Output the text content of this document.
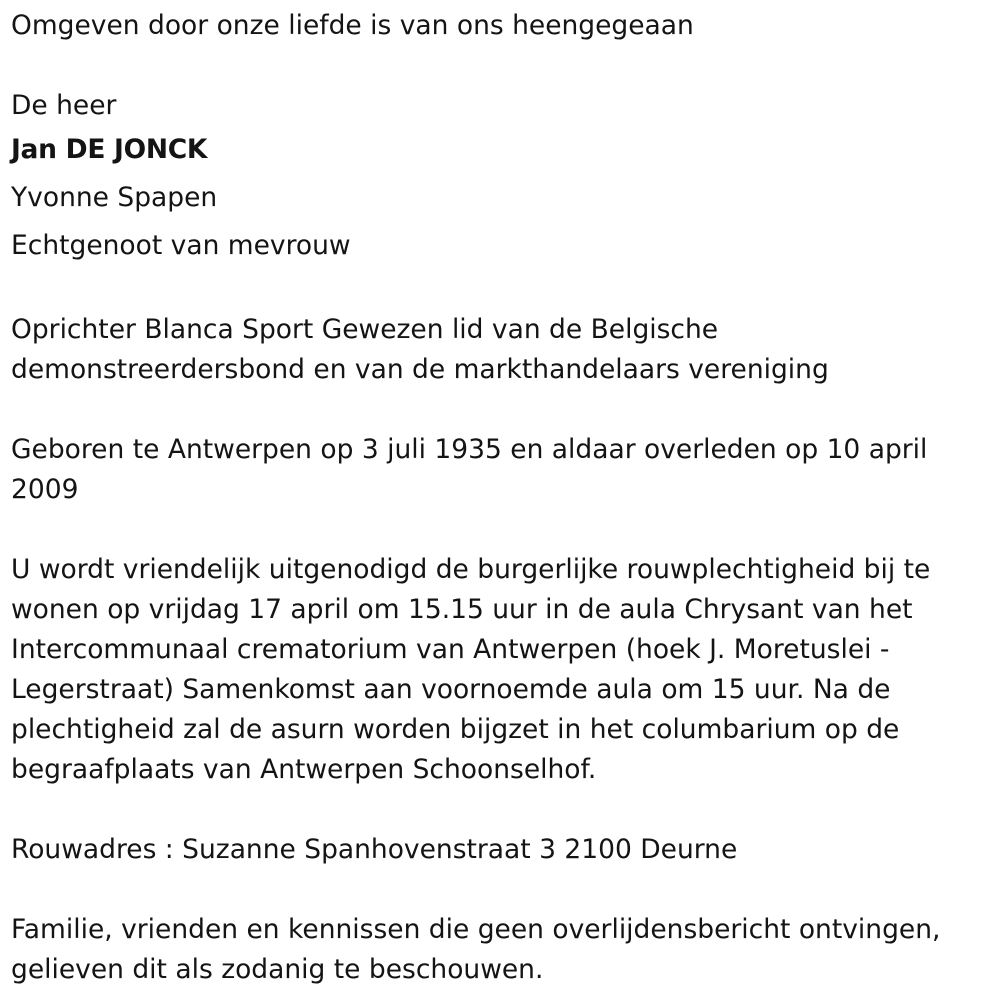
Omgeven door onze liefde is van ons heengegeaan

De heer

Jan DE JONCK

Yvonne Spapen

Echtgenoot van mevrouw

Oprichter Blanca Sport Gewezen lid van de Belgische demonstreerdersbond en van de markthandelaars vereniging

Geboren te Antwerpen op 3 juli 1935 en aldaar overleden op 10 april 2009

U wordt vriendelijk uitgenodigd de burgerlijke rouwplechtigheid bij te wonen op vrijdag 17 april om 15.15 uur in de aula Chrysant van het Intercommunaal crematorium van Antwerpen (hoek J. Moretuslei - Legerstraat) Samenkomst aan voornoemde aula om 15 uur. Na de plechtigheid zal de asurn worden bijgzet in het columbarium op de begraafplaats van Antwerpen Schoonselhof.

Rouwadres : Suzanne Spanhovenstraat 3 2100 Deurne

Familie, vrienden en kennissen die geen overlijdensbericht ontvingen, gelieven dit als zodanig te beschouwen.
